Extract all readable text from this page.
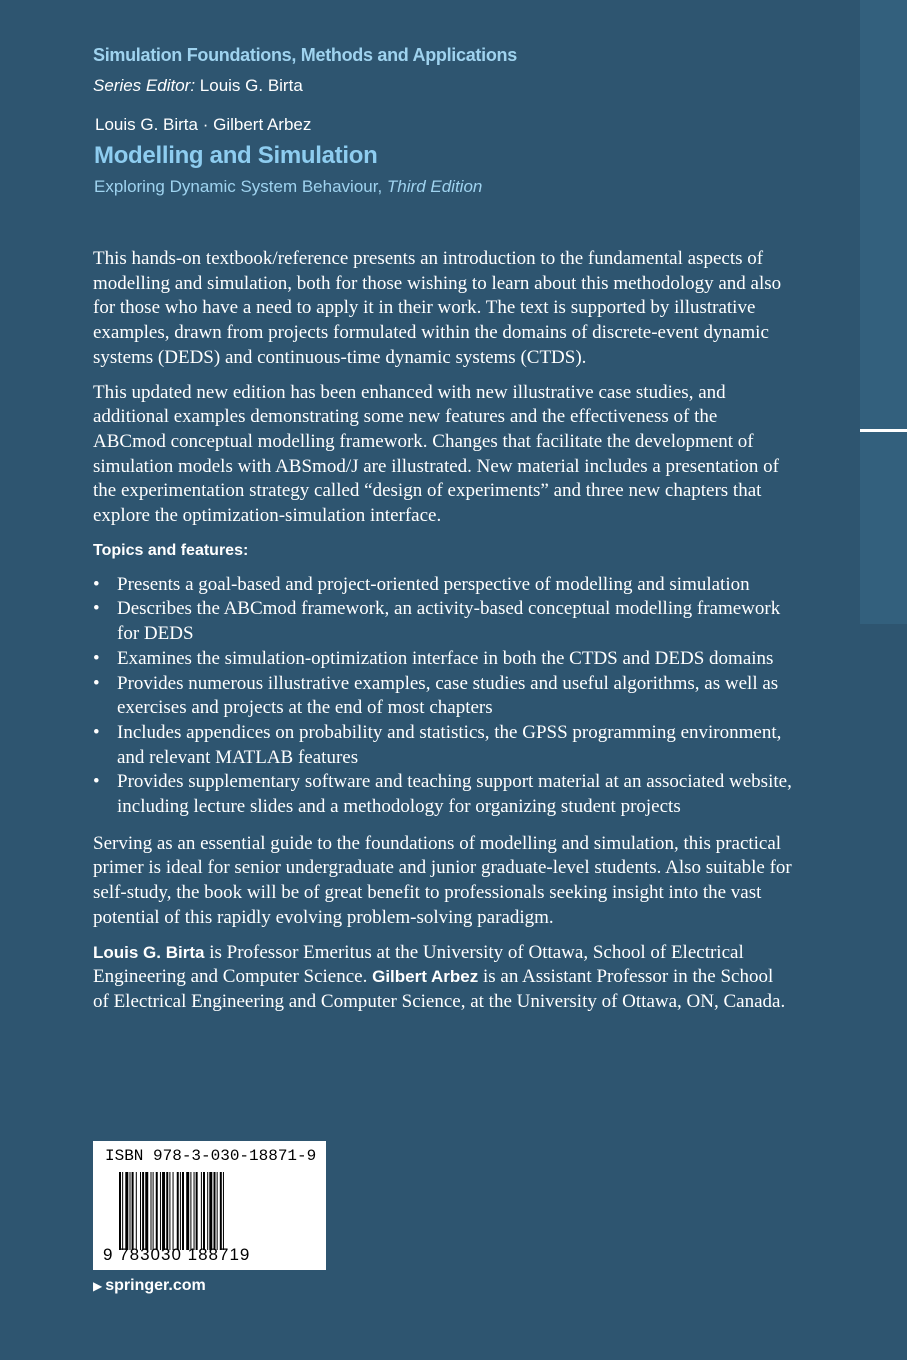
Simulation Foundations, Methods and Applications
Series Editor: Louis G. Birta
Louis G. Birta · Gilbert Arbez
Modelling and Simulation
Exploring Dynamic System Behaviour, Third Edition

This hands-on textbook/reference presents an introduction to the fundamental aspects of modelling and simulation, both for those wishing to learn about this methodology and also for those who have a need to apply it in their work. The text is supported by illustrative examples, drawn from projects formulated within the domains of discrete-event dynamic systems (DEDS) and continuous-time dynamic systems (CTDS).

This updated new edition has been enhanced with new illustrative case studies, and additional examples demonstrating some new features and the effectiveness of the ABCmod conceptual modelling framework. Changes that facilitate the development of simulation models with ABSmod/J are illustrated. New material includes a presentation of the experimentation strategy called “design of experiments” and three new chapters that explore the optimization-simulation interface.

Topics and features:

• Presents a goal-based and project-oriented perspective of modelling and simulation
• Describes the ABCmod framework, an activity-based conceptual modelling framework for DEDS
• Examines the simulation-optimization interface in both the CTDS and DEDS domains
• Provides numerous illustrative examples, case studies and useful algorithms, as well as exercises and projects at the end of most chapters
• Includes appendices on probability and statistics, the GPSS programming environment, and relevant MATLAB features
• Provides supplementary software and teaching support material at an associated website, including lecture slides and a methodology for organizing student projects

Serving as an essential guide to the foundations of modelling and simulation, this practical primer is ideal for senior undergraduate and junior graduate-level students. Also suitable for self-study, the book will be of great benefit to professionals seeking insight into the vast potential of this rapidly evolving problem-solving paradigm.

Louis G. Birta is Professor Emeritus at the University of Ottawa, School of Electrical Engineering and Computer Science. Gilbert Arbez is an Assistant Professor in the School of Electrical Engineering and Computer Science, at the University of Ottawa, ON, Canada.

ISBN 978-3-030-18871-9
9 783030 188719
▶ springer.com
